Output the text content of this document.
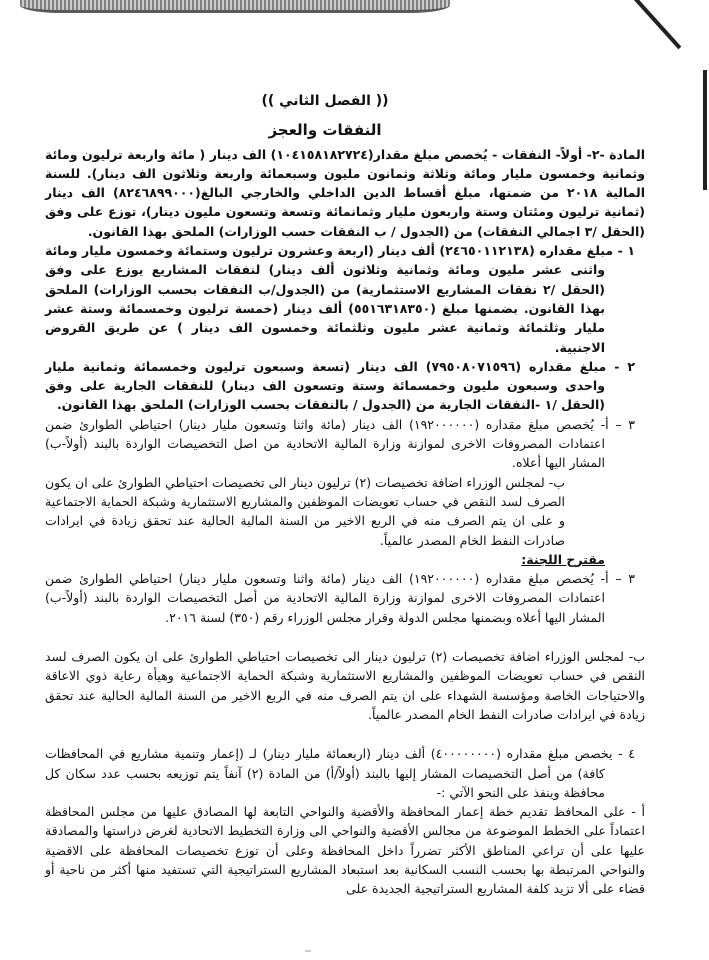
(( الفصل الثاني ))
النفقات والعجز

المادة -٢- أولاً- النفقات - يُخصص مبلغ مقدار(١٠٤١٥٨١٨٢٧٢٤) الف دينار ( مائة واربعة ترليون ومائة وثمانية وخمسون مليار ومائة وثلاثة وثمانون مليون وسبعمائة واربعة وثلاثون الف دينار). للسنة المالية ٢٠١٨ من ضمنها، مبلغ أقساط الدين الداخلي والخارجي البالغ(٨٢٤٦٨٩٩٠٠٠) الف دينار (ثمانية ترليون ومئتان وستة واربعون مليار وثمانمائة وتسعة وتسعون مليون دينار)، توزع على وفق (الحقل /٣ اجمالي النفقات) من (الجدول / ب النفقات حسب الوزارات) الملحق بهذا القانون.

١ - مبلغ مقداره (٢٤٦٥٠١١٢١٣٨) ألف دينار (اربعة وعشرون ترليون وستمائة وخمسون مليار ومائة واثنى عشر مليون ومائة وثمانية وثلاثون ألف دينار) لنفقات المشاريع يوزع على وفق (الحقل /٢ نفقات المشاريع الاستثمارية) من (الجدول/ب النفقات بحسب الوزارات) الملحق بهذا القانون. بضمنها مبلغ (٥٥١٦٣١٨٣٥٠) ألف دينار (خمسة ترليون وخمسمائة وستة عشر مليار وثلثمائة وثمانية عشر مليون وثلثمائة وخمسون الف دينار ) عن طريق القروض الاجنبية.

٢ - مبلغ مقداره (٧٩٥٠٨٠٧١٥٩٦) الف دينار (تسعة وسبعون ترليون وخمسمائة وثمانية مليار واحدى وسبعون مليون وخمسمائة وستة وتسعون الف دينار) للنفقات الجارية على وفق (الحقل /١ -النفقات الجارية من (الجدول / بالنفقات بحسب الوزارات) الملحق بهذا القانون.

٣ – أ- يُخصص مبلغ مقداره (١٩٢٠٠٠٠٠٠) الف دينار (مائة واثنا وتسعون مليار دينار) احتياطي الطوارئ ضمن اعتمادات المصروفات الاخرى لموازنة وزارة المالية الاتحادية من اصل التخصيصات الواردة بالبند (أولاً-ب) المشار اليها أعلاه.

ب- لمجلس الوزراء اضافة تخصيصات (٢) ترليون دينار الى تخصيصات احتياطي الطوارئ على ان يكون الصرف لسد النقص في حساب تعويضات الموظفين والمشاريع الاستثمارية وشبكة الحماية الاجتماعية و على ان يتم الصرف منه في الربع الاخير من السنة المالية الحالية عند تحقق زيادة في ايرادات صادرات النفط الخام المصدر عالمياً.

مقترح اللجنة:

٣ – أ- يُخصص مبلغ مقداره (١٩٢٠٠٠٠٠٠) الف دينار (مائة واثنا وتسعون مليار دينار) احتياطي الطوارئ ضمن اعتمادات المصروفات الاخرى لموازنة وزارة المالية الاتحادية من أصل التخصيصات الواردة بالبند (أولاً-ب) المشار اليها أعلاه وبضمنها مجلس الدولة وقرار مجلس الوزراء رقم (٣٥٠) لسنة ٢٠١٦.

ب- لمجلس الوزراء اضافة تخصيصات (٢) ترليون دينار الى تخصيصات احتياطي الطوارئ على ان يكون الصرف لسد النقص في حساب تعويضات الموظفين والمشاريع الاستثمارية وشبكة الحماية الاجتماعية وهيأة رعاية ذوي الاعاقة والاحتياجات الخاصة ومؤسسة الشهداء على ان يتم الصرف منه في الربع الاخير من السنة المالية الحالية عند تحقق زيادة في ايرادات صادرات النفط الخام المصدر عالمياً.

٤ - يخصص مبلغ مقداره (٤٠٠٠٠٠٠٠٠) ألف دينار (اربعمائة مليار دينار) لـ (إعمار وتنمية مشاريع في المحافظات كافة) من أصل التخصيصات المشار إليها بالبند (أولاً/أ) من المادة (٢) آنفاً يتم توزيعه بحسب عدد سكان كل محافظة وينفذ على النحو الآتي :-

أ - على المحافظ تقديم خطة إعمار المحافظة والأقضية والنواحي التابعة لها المصادق عليها من مجلس المحافظة اعتماداً على الخطط الموضوعة من مجالس الأقضية والنواحي الى وزارة التخطيط الاتحادية لغرض دراستها والمصادقة عليها على أن تراعي المناطق الأكثر تضرراً داخل المحافظة وعلى أن توزع تخصيصات المحافظة على الاقضية والنواحي المرتبطة بها بحسب النسب السكانية بعد استبعاد المشاريع الستراتيجية التي تستفيد منها أكثر من ناحية أو قضاء على ألا تزيد كلفة المشاريع الستراتيجية الجديدة على
